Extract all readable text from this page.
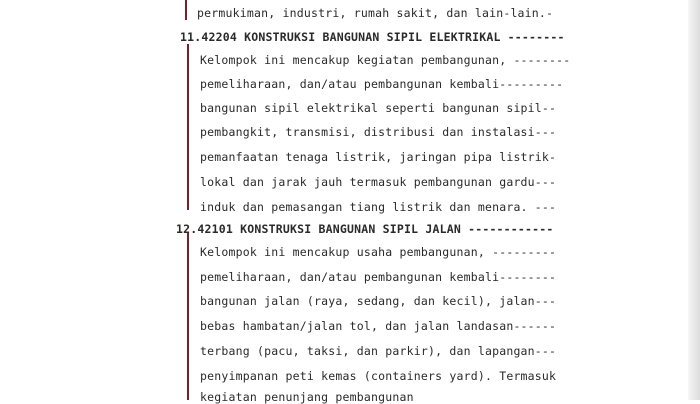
permukiman, industri, rumah sakit, dan lain-lain.-
11.42204 KONSTRUKSI BANGUNAN SIPIL ELEKTRIKAL --------
Kelompok ini mencakup kegiatan pembangunan, --------
pemeliharaan, dan/atau pembangunan kembali---------
bangunan sipil elektrikal seperti bangunan sipil--
pembangkit, transmisi, distribusi dan instalasi---
pemanfaatan tenaga listrik, jaringan pipa listrik-
lokal dan jarak jauh termasuk pembangunan gardu---
induk dan pemasangan tiang listrik dan menara. ---
12.42101 KONSTRUKSI BANGUNAN SIPIL JALAN ------------
Kelompok ini mencakup usaha pembangunan, ---------
pemeliharaan, dan/atau pembangunan kembali--------
bangunan jalan (raya, sedang, dan kecil), jalan---
bebas hambatan/jalan tol, dan jalan landasan------
terbang (pacu, taksi, dan parkir), dan lapangan---
penyimpanan peti kemas (containers yard). Termasuk
kegiatan penunjang pembangunan
